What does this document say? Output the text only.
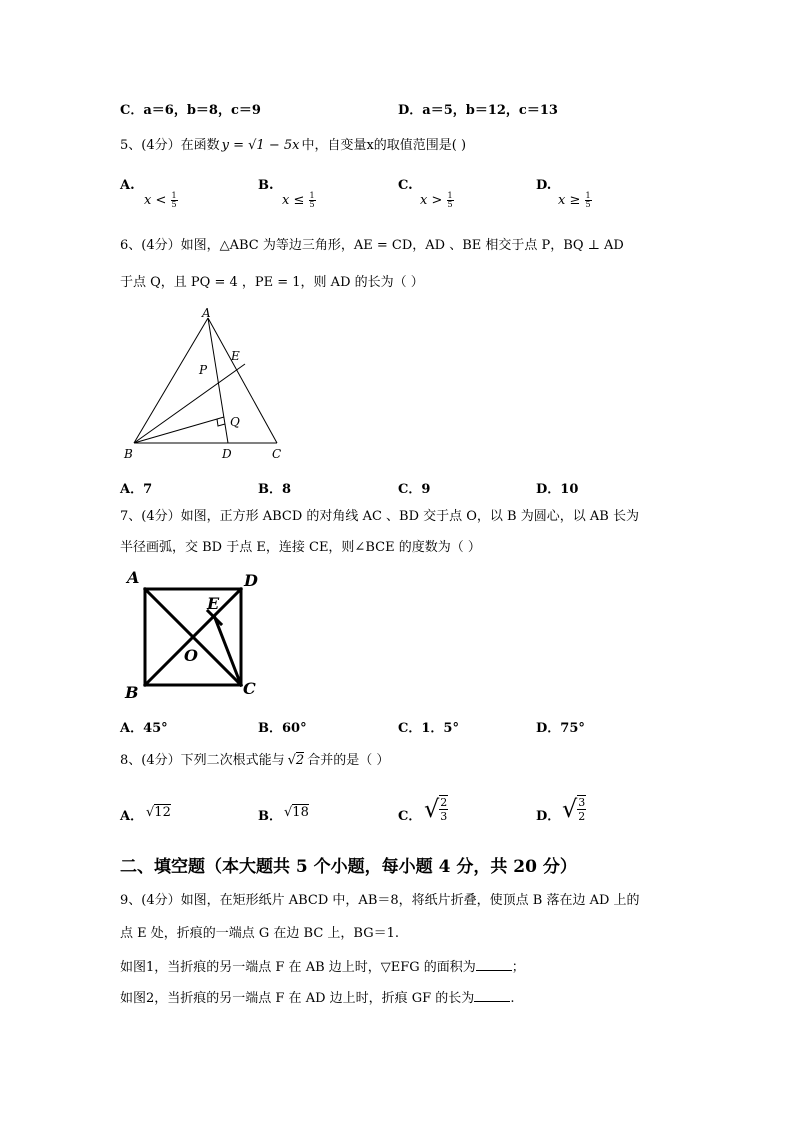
C．a＝6，b＝8，c＝9	D．a＝5，b＝12，c＝13
5、(4分）在函数 y = √1 − 5x 中，自变量x的取值范围是( )
A.
$x < \frac{1}{5}$
B.
$x \le \frac{1}{5}$
C.
$x > \frac{1}{5}$
D.
$x \ge \frac{1}{5}$
6、(4分）如图，△ABC 为等边三角形，AE = CD，AD 、BE 相交于点 P，BQ ⊥ AD
于点 Q，且 PQ = 4 ，PE = 1，则 AD 的长为（ ）
A
B	C
D
E
P
Q
A．7	B．8	C．9	D．10
7、(4分）如图，正方形 ABCD 的对角线 AC 、BD 交于点 O，以 B 为圆心，以 AB 长为
半径画弧，交 BD 于点 E，连接 CE，则∠BCE 的度数为（ ）
A	D
B	C
E
O
A．45°	B．60°	C．1．5°	D．75°
8、(4分）下列二次根式能与 √2 合并的是（ ）
A． √12	B． √18	C． √ $\frac{2}{3}$	D． √ $\frac{3}{2}$
二、填空题（本大题共 5 个小题，每小题 4 分，共 20 分）
9、(4分）如图，在矩形纸片 ABCD 中，AB＝8，将纸片折叠，使顶点 B 落在边 AD 上的
点 E 处，折痕的一端点 G 在边 BC 上，BG＝1.
如图1，当折痕的另一端点 F 在 AB 边上时，▽EFG 的面积为	；
如图2，当折痕的另一端点 F 在 AD 边上时，折痕 GF 的长为	.
